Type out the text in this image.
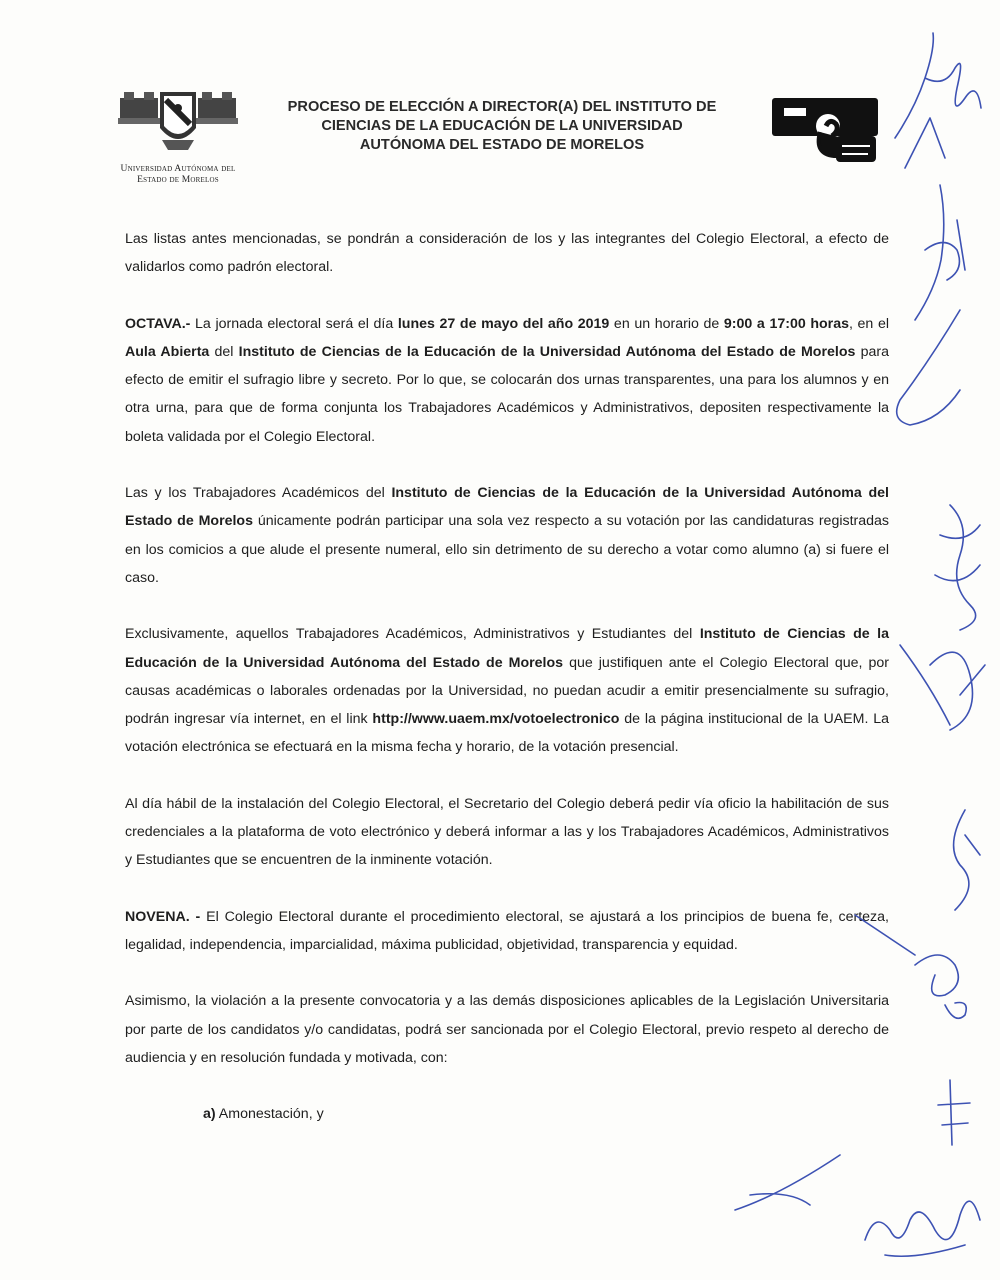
Universidad Autónoma del
Estado de Morelos
PROCESO DE ELECCIÓN A DIRECTOR(A) DEL INSTITUTO DE
CIENCIAS DE LA EDUCACIÓN DE LA UNIVERSIDAD
AUTÓNOMA DEL ESTADO DE MORELOS

Las listas antes mencionadas, se pondrán a consideración de los y las integrantes del Colegio Electoral, a efecto de validarlos como padrón electoral.

OCTAVA.- La jornada electoral será el día lunes 27 de mayo del año 2019 en un horario de 9:00 a 17:00 horas, en el Aula Abierta del Instituto de Ciencias de la Educación de la Universidad Autónoma del Estado de Morelos para efecto de emitir el sufragio libre y secreto. Por lo que, se colocarán dos urnas transparentes, una para los alumnos y en otra urna, para que de forma conjunta los Trabajadores Académicos y Administrativos, depositen respectivamente la boleta validada por el Colegio Electoral.

Las y los Trabajadores Académicos del Instituto de Ciencias de la Educación de la Universidad Autónoma del Estado de Morelos únicamente podrán participar una sola vez respecto a su votación por las candidaturas registradas en los comicios a que alude el presente numeral, ello sin detrimento de su derecho a votar como alumno (a) si fuere el caso.

Exclusivamente, aquellos Trabajadores Académicos, Administrativos y Estudiantes del Instituto de Ciencias de la Educación de la Universidad Autónoma del Estado de Morelos que justifiquen ante el Colegio Electoral que, por causas académicas o laborales ordenadas por la Universidad, no puedan acudir a emitir presencialmente su sufragio, podrán ingresar vía internet, en el link http://www.uaem.mx/votoelectronico de la página institucional de la UAEM. La votación electrónica se efectuará en la misma fecha y horario, de la votación presencial.

Al día hábil de la instalación del Colegio Electoral, el Secretario del Colegio deberá pedir vía oficio la habilitación de sus credenciales a la plataforma de voto electrónico y deberá informar a las y los Trabajadores Académicos, Administrativos y Estudiantes que se encuentren de la inminente votación.

NOVENA. - El Colegio Electoral durante el procedimiento electoral, se ajustará a los principios de buena fe, certeza, legalidad, independencia, imparcialidad, máxima publicidad, objetividad, transparencia y equidad.

Asimismo, la violación a la presente convocatoria y a las demás disposiciones aplicables de la Legislación Universitaria por parte de los candidatos y/o candidatas, podrá ser sancionada por el Colegio Electoral, previo respeto al derecho de audiencia y en resolución fundada y motivada, con:

a) Amonestación, y
